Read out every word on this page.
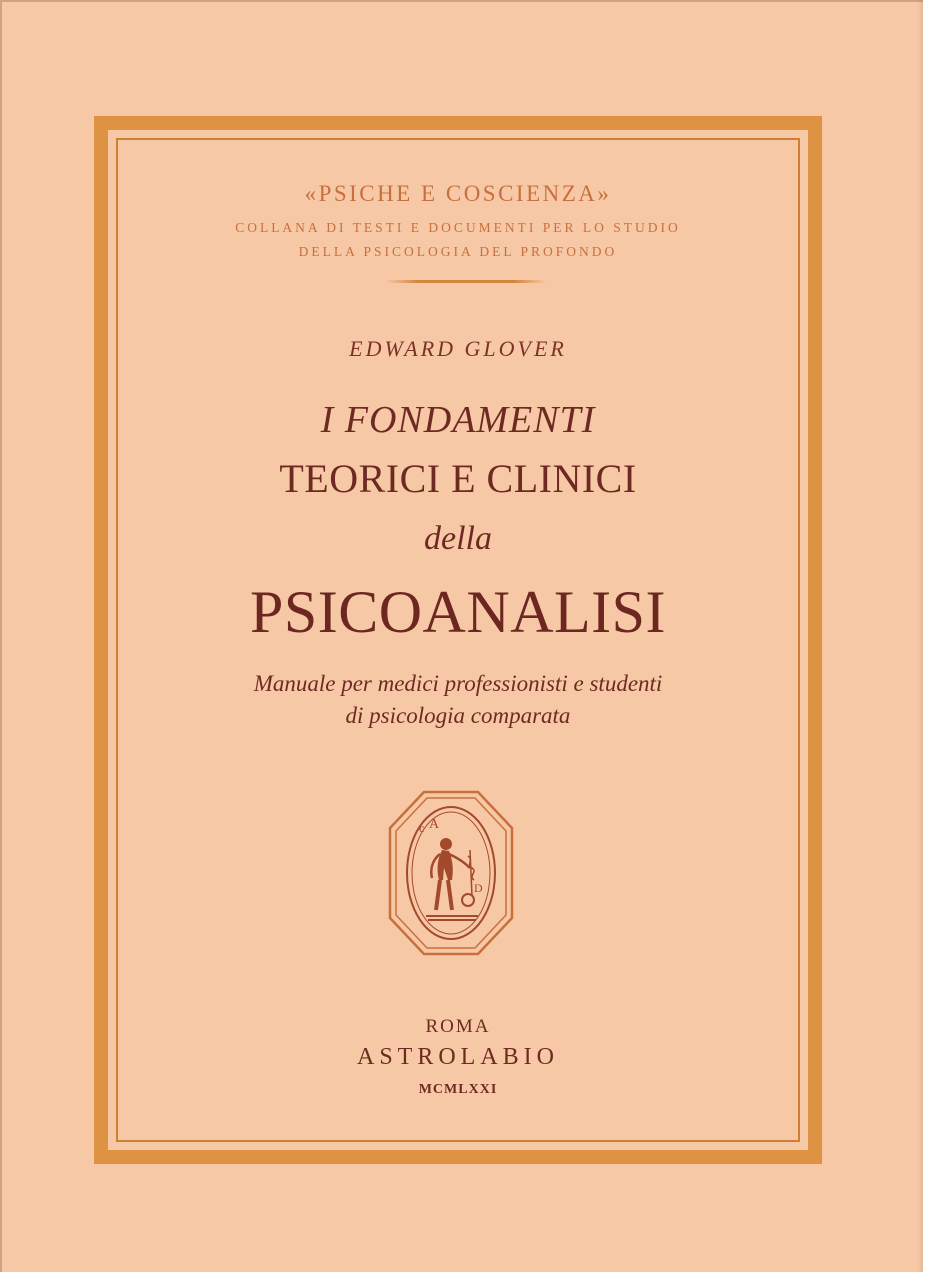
«PSICHE E COSCIENZA»
COLLANA DI TESTI E DOCUMENTI PER LO STUDIO
DELLA PSICOLOGIA DEL PROFONDO
EDWARD GLOVER
I FONDAMENTI
TEORICI E CLINICI
della
PSICOANALISI
Manuale per medici professionisti e studenti
di psicologia comparata
c A
D
ROMA
ASTROLABIO
MCMLXXI
